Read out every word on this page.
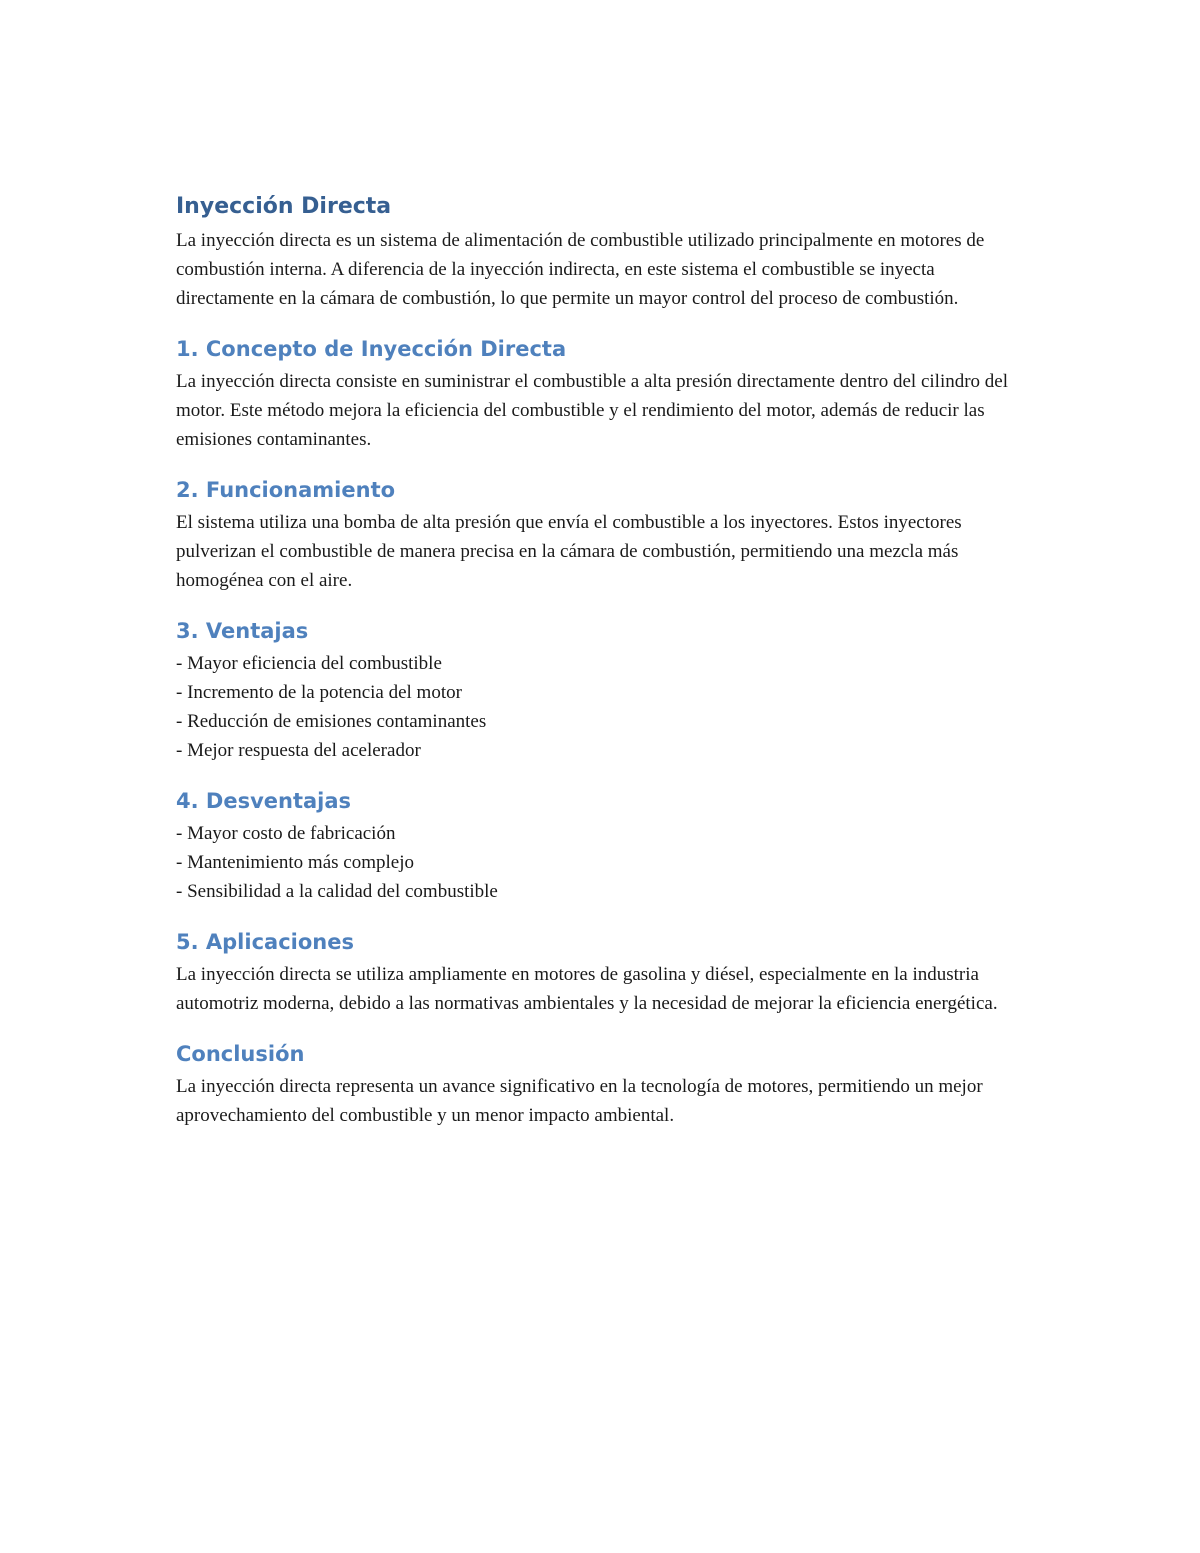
Inyección Directa

La inyección directa es un sistema de alimentación de combustible utilizado principalmente en motores de combustión interna. A diferencia de la inyección indirecta, en este sistema el combustible se inyecta directamente en la cámara de combustión, lo que permite un mayor control del proceso de combustión.

1. Concepto de Inyección Directa

La inyección directa consiste en suministrar el combustible a alta presión directamente dentro del cilindro del motor. Este método mejora la eficiencia del combustible y el rendimiento del motor, además de reducir las emisiones contaminantes.

2. Funcionamiento

El sistema utiliza una bomba de alta presión que envía el combustible a los inyectores. Estos inyectores pulverizan el combustible de manera precisa en la cámara de combustión, permitiendo una mezcla más homogénea con el aire.

3. Ventajas
- Mayor eficiencia del combustible
- Incremento de la potencia del motor
- Reducción de emisiones contaminantes
- Mejor respuesta del acelerador
4. Desventajas
- Mayor costo de fabricación
- Mantenimiento más complejo
- Sensibilidad a la calidad del combustible
5. Aplicaciones

La inyección directa se utiliza ampliamente en motores de gasolina y diésel, especialmente en la industria automotriz moderna, debido a las normativas ambientales y la necesidad de mejorar la eficiencia energética.

Conclusión

La inyección directa representa un avance significativo en la tecnología de motores, permitiendo un mejor aprovechamiento del combustible y un menor impacto ambiental.
